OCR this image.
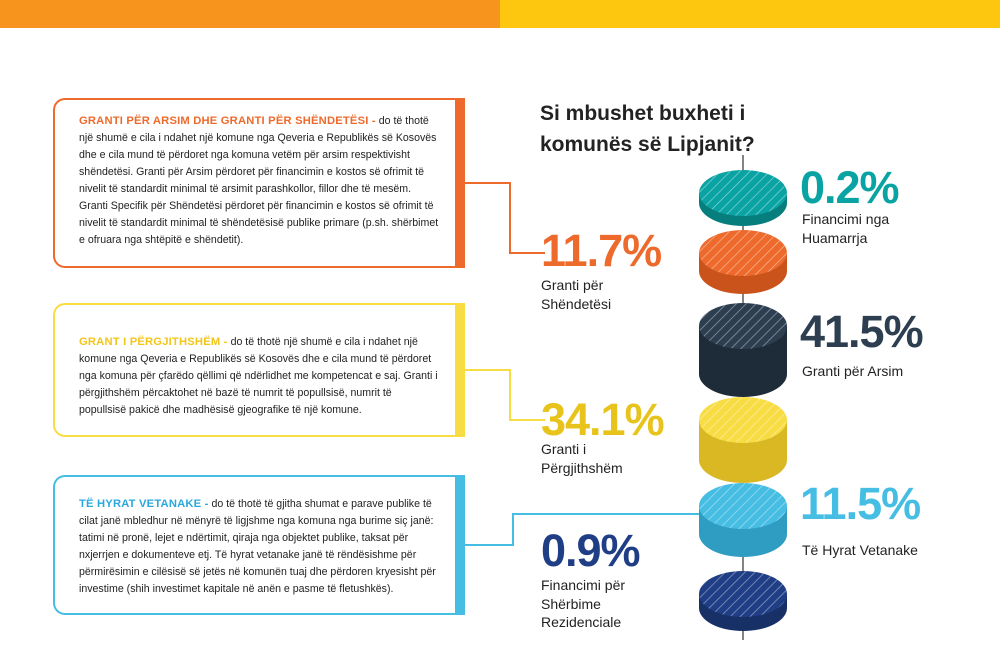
Si mbushet buxheti i komunës së Lipjanit?
GRANTI PËR ARSIM DHE GRANTI PËR SHËNDETËSI - do të thotë një shumë e cila i ndahet një komune nga Qeveria e Republikës së Kosovës dhe e cila mund të përdoret nga komuna vetëm për arsim respektivisht shëndetësi. Granti për Arsim përdoret për financimin e kostos së ofrimit të nivelit të standardit minimal të arsimit parashkollor, fillor dhe të mesëm. Granti Specifik për Shëndetësi përdoret për financimin e kostos së ofrimit të nivelit të standardit minimal të shëndetësisë publike primare (p.sh. shërbimet e ofruara nga shtëpitë e shëndetit).
GRANT I PËRGJITHSHËM - do të thotë një shumë e cila i ndahet një komune nga Qeveria e Republikës së Kosovës dhe e cila mund të përdoret nga komuna për çfarëdo qëllimi që ndërlidhet me kompetencat e saj. Granti i përgjithshëm përcaktohet në bazë të numrit të popullsisë, numrit të popullsisë pakicë dhe madhësisë gjeografike të një komune.
TË HYRAT VETANAKE - do të thotë të gjitha shumat e parave publike të cilat janë mbledhur në mënyrë të ligjshme nga komuna nga burime siç janë: tatimi në pronë, lejet e ndërtimit, qiraja nga objektet publike, taksat për nxjerrjen e dokumenteve etj. Të hyrat vetanake janë të rëndësishme për përmirësimin e cilësisë së jetës në komunën tuaj dhe përdoren kryesisht për investime (shih investimet kapitale në anën e pasme të fletushkës).
0.2%
Financimi nga Huamarrja
11.7%
Granti për Shëndetësi
41.5%
Granti për Arsim
34.1%
Granti i Përgjithshëm
11.5%
Të Hyrat Vetanake
0.9%
Financimi për Shërbime Rezidenciale
